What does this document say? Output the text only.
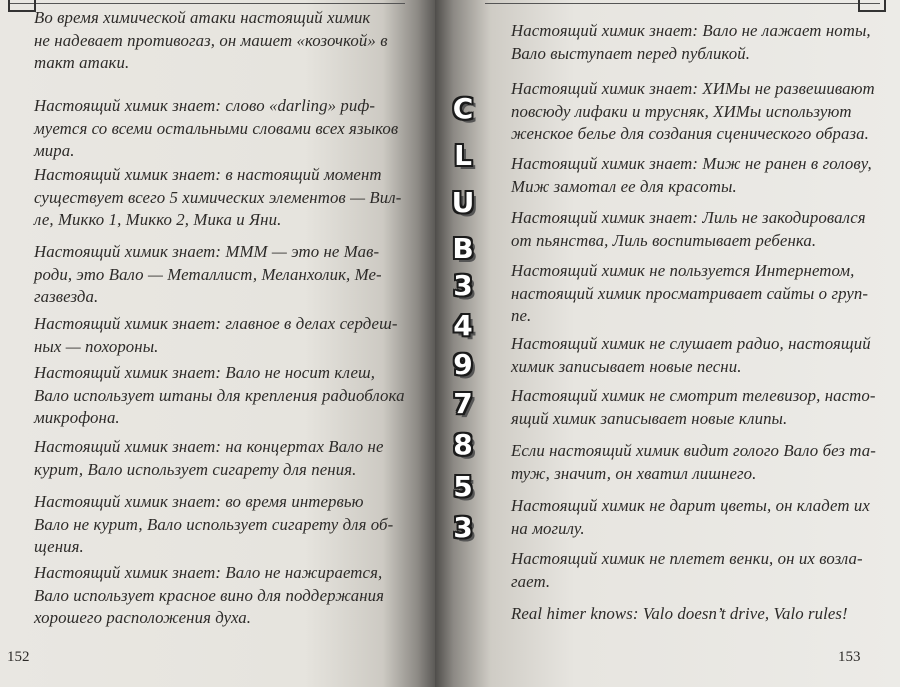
Во время химической атаки настоящий химик
не надевает противогаз, он машет «козочкой» в
такт атаки.
Настоящий химик знает: слово «darling» риф-
муется со всеми остальными словами всех языков
мира.
Настоящий химик знает: в настоящий момент
существует всего 5 химических элементов — Вил-
ле, Микко 1, Микко 2, Мика и Яни.
Настоящий химик знает: МММ — это не Мав-
роди, это Вало — Металлист, Меланхолик, Ме-
газвезда.
Настоящий химик знает: главное в делах сердеш-
ных — похороны.
Настоящий химик знает: Вало не носит клеш,
Вало использует штаны для крепления радиоблока
микрофона.
Настоящий химик знает: на концертах Вало не
курит, Вало использует сигарету для пения.
Настоящий химик знает: во время интервью
Вало не курит, Вало использует сигарету для об-
щения.
Настоящий химик знает: Вало не нажирается,
Вало использует красное вино для поддержания
хорошего расположения духа.
152
Настоящий химик знает: Вало не лажает ноты,
Вало выступает перед публикой.
Настоящий химик знает: ХИМы не развешивают
повсюду лифаки и трусняк, ХИМы используют
женское белье для создания сценического образа.
Настоящий химик знает: Миж не ранен в голову,
Миж замотал ее для красоты.
Настоящий химик знает: Лиль не закодировался
от пьянства, Лиль воспитывает ребенка.
Настоящий химик не пользуется Интернетом,
настоящий химик просматривает сайты о груп-
пе.
Настоящий химик не слушает радио, настоящий
химик записывает новые песни.
Настоящий химик не смотрит телевизор, насто-
ящий химик записывает новые клипы.
Если настоящий химик видит голого Вало без та-
туж, значит, он хватил лишнего.
Настоящий химик не дарит цветы, он кладет их
на могилу.
Настоящий химик не плетет венки, он их возла-
гает.
Real himer knows: Valo doesn’t drive, Valo rules!
153
C
L
U
B
3
4
9
7
8
5
3
